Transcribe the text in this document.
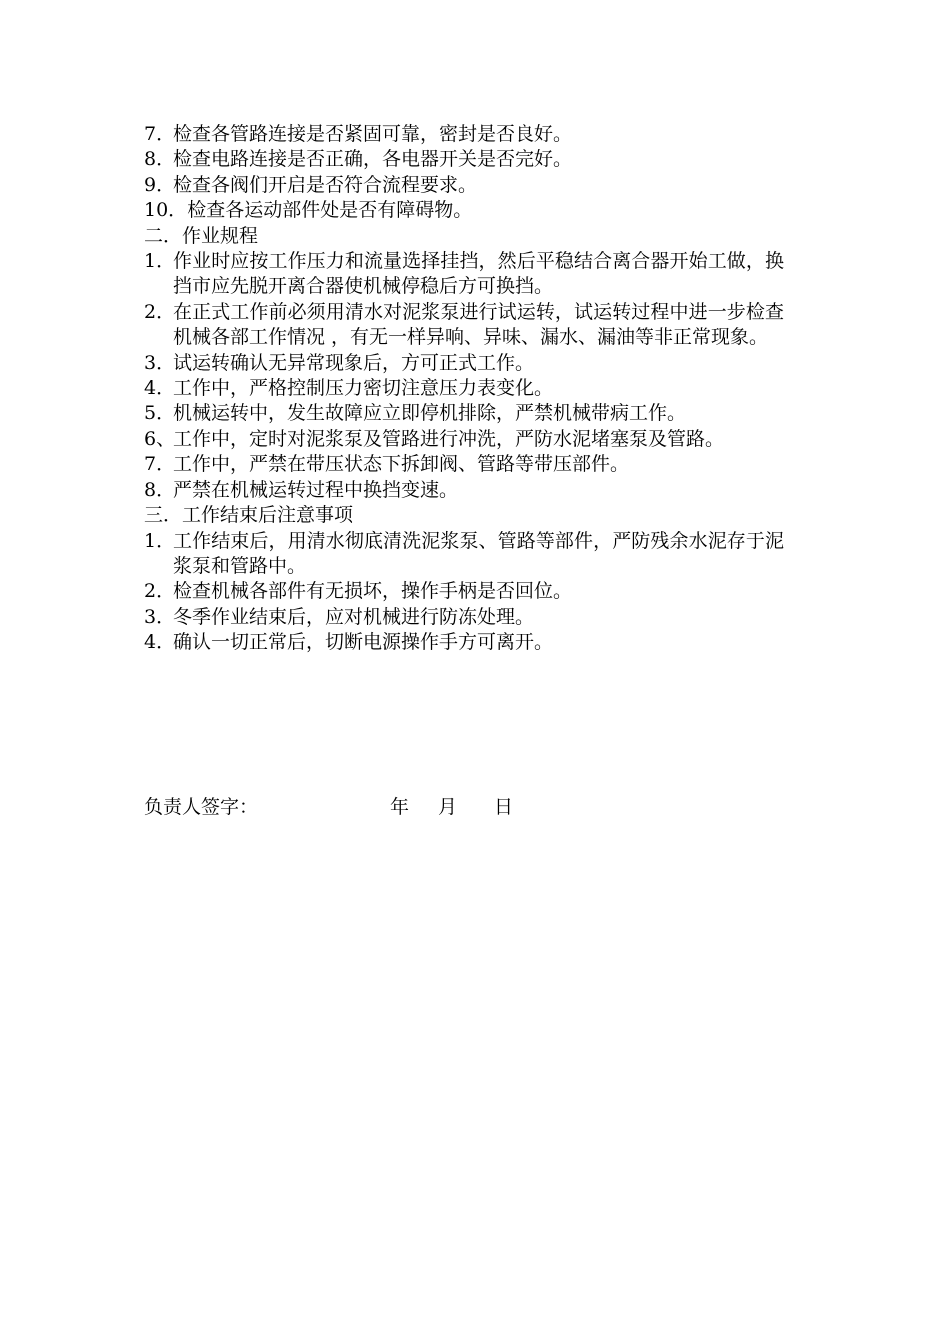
7．
检查各管路连接是否紧固可靠，密封是否良好。
8．
检查电路连接是否正确，各电器开关是否完好。
9．
检查各阀们开启是否符合流程要求。
10．检查各运动部件处是否有障碍物。
二．作业规程
1．
作业时应按工作压力和流量选择挂挡，然后平稳结合离合器开始工做，换挡市应先脱开离合器使机械停稳后方可换挡。
2．
在正式工作前必须用清水对泥浆泵进行试运转，试运转过程中进一步检查机械各部工作情况 ，有无一样异响、异味、漏水、漏油等非正常现象。
3．
试运转确认无异常现象后，方可正式工作。
4．
工作中，严格控制压力密切注意压力表变化。
5．
机械运转中，发生故障应立即停机排除，严禁机械带病工作。
6、
工作中，定时对泥浆泵及管路进行冲洗，严防水泥堵塞泵及管路。
7．
工作中，严禁在带压状态下拆卸阀、管路等带压部件。
8．
严禁在机械运转过程中换挡变速。
三．工作结束后注意事项
1．
工作结束后，用清水彻底清洗泥浆泵、管路等部件，严防残余水泥存于泥浆泵和管路中。
2．
检查机械各部件有无损坏，操作手柄是否回位。
3．
冬季作业结束后，应对机械进行防冻处理。
4．
确认一切正常后，切断电源操作手方可离开。
负责人签字：	年 月 日
